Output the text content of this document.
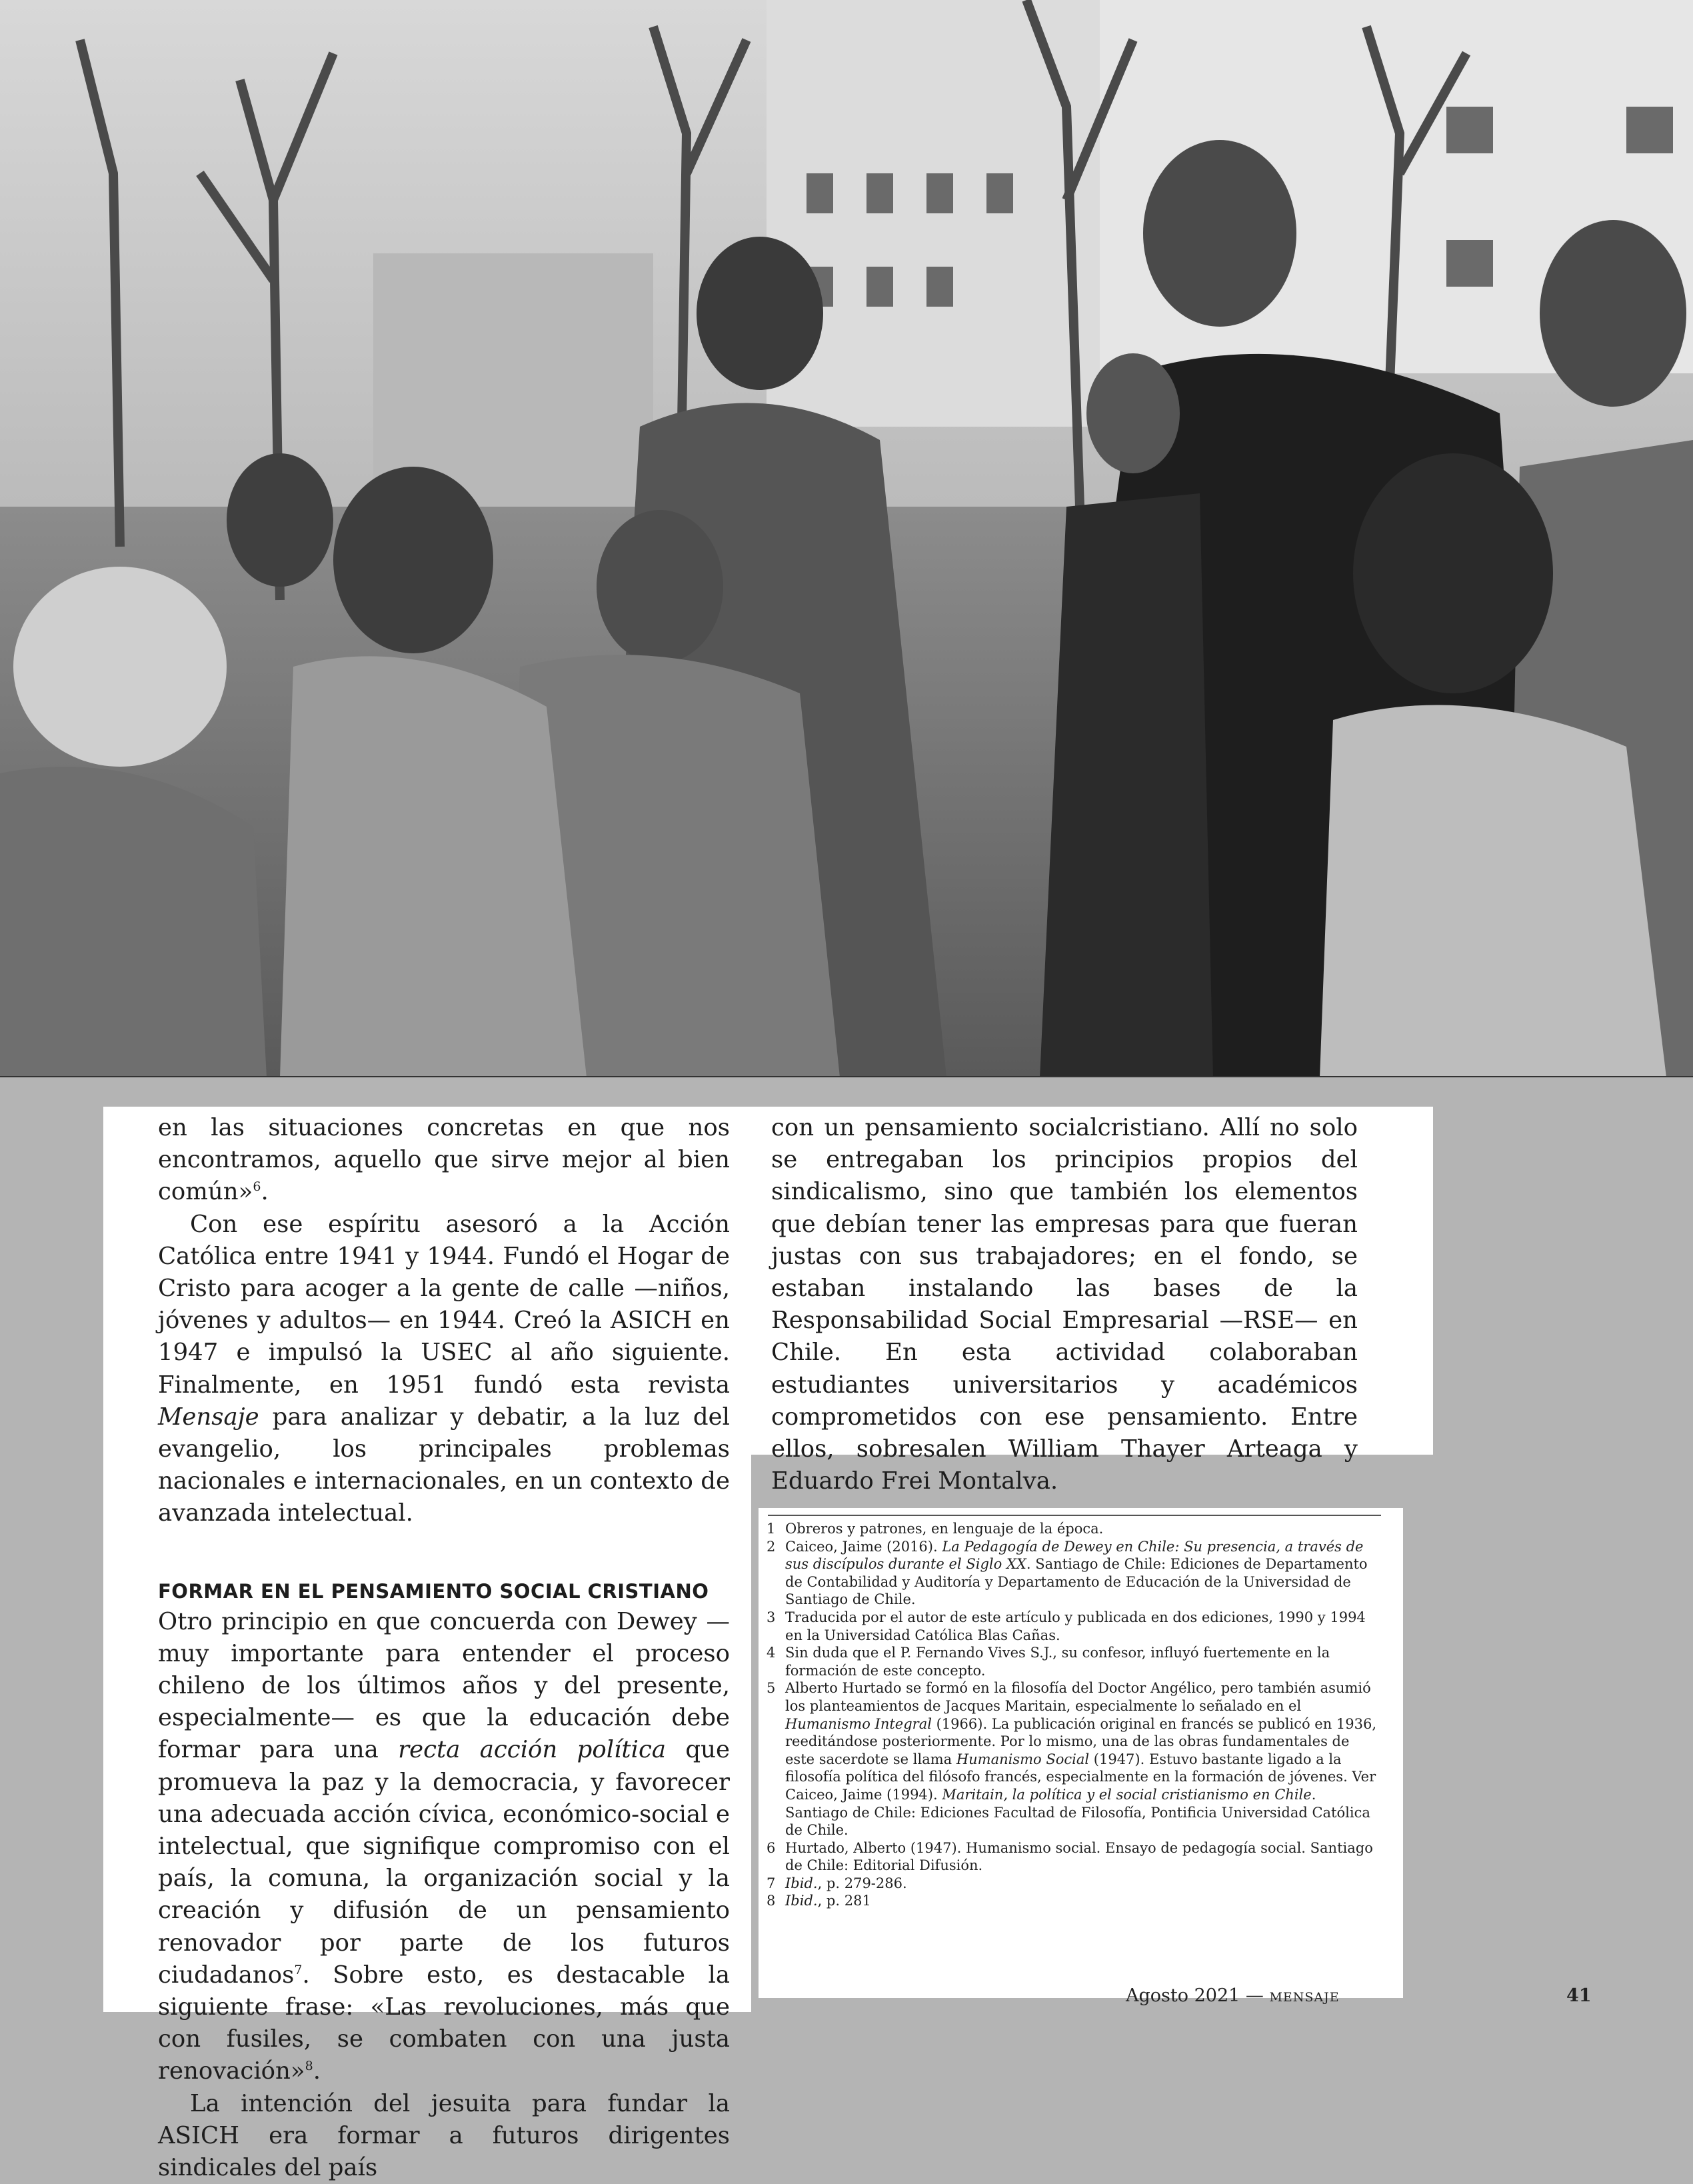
en las situaciones concretas en que nos encontramos, aquello que sirve mejor al bien común»$^6$.

Con ese espíritu asesoró a la Acción Católica entre 1941 y 1944. Fundó el Hogar de Cristo para acoger a la gente de calle —niños, jóvenes y adultos— en 1944. Creó la ASICH en 1947 e impulsó la USEC al año siguiente. Finalmente, en 1951 fundó esta revista Mensaje para analizar y debatir, a la luz del evangelio, los principales problemas nacionales e internacionales, en un contexto de avanzada intelectual.

FORMAR EN EL PENSAMIENTO SOCIAL CRISTIANO

Otro principio en que concuerda con Dewey —muy importante para entender el proceso chileno de los últimos años y del presente, especialmente— es que la educación debe formar para una recta acción política que promueva la paz y la democracia, y favorecer una adecuada acción cívica, económico-social e intelectual, que signifique compromiso con el país, la comuna, la organización social y la creación y difusión de un pensamiento renovador por parte de los futuros ciudadanos$^7$. Sobre esto, es destacable la siguiente frase: «Las revoluciones, más que con fusiles, se combaten con una justa renovación»$^8$.

La intención del jesuita para fundar la ASICH era formar a futuros dirigentes sindicales del país

con un pensamiento socialcristiano. Allí no solo se entregaban los principios propios del sindicalismo, sino que también los elementos que debían tener las empresas para que fueran justas con sus trabajadores; en el fondo, se estaban instalando las bases de la Responsabilidad Social Empresarial —RSE— en Chile. En esta actividad colaboraban estudiantes universitarios y académicos comprometidos con ese pensamiento. Entre ellos, sobresalen William Thayer Arteaga y Eduardo Frei Montalva.

1 Obreros y patrones, en lenguaje de la época.
2 Caiceo, Jaime (2016). La Pedagogía de Dewey en Chile: Su presencia, a través de sus discípulos durante el Siglo XX. Santiago de Chile: Ediciones de Departamento de Contabilidad y Auditoría y Departamento de Educación de la Universidad de Santiago de Chile.
3 Traducida por el autor de este artículo y publicada en dos ediciones, 1990 y 1994 en la Universidad Católica Blas Cañas.
4 Sin duda que el P. Fernando Vives S.J., su confesor, influyó fuertemente en la formación de este concepto.
5 Alberto Hurtado se formó en la filosofía del Doctor Angélico, pero también asumió los planteamientos de Jacques Maritain, especialmente lo señalado en el Humanismo Integral (1966). La publicación original en francés se publicó en 1936, reeditándose posteriormente. Por lo mismo, una de las obras fundamentales de este sacerdote se llama Humanismo Social (1947). Estuvo bastante ligado a la filosofía política del filósofo francés, especialmente en la formación de jóvenes. Ver Caiceo, Jaime (1994). Maritain, la política y el social cristianismo en Chile. Santiago de Chile: Ediciones Facultad de Filosofía, Pontificia Universidad Católica de Chile.
6 Hurtado, Alberto (1947). Humanismo social. Ensayo de pedagogía social. Santiago de Chile: Editorial Difusión.
7 Ibid., p. 279-286.
8 Ibid., p. 281
Agosto 2021 — mensaje	41
